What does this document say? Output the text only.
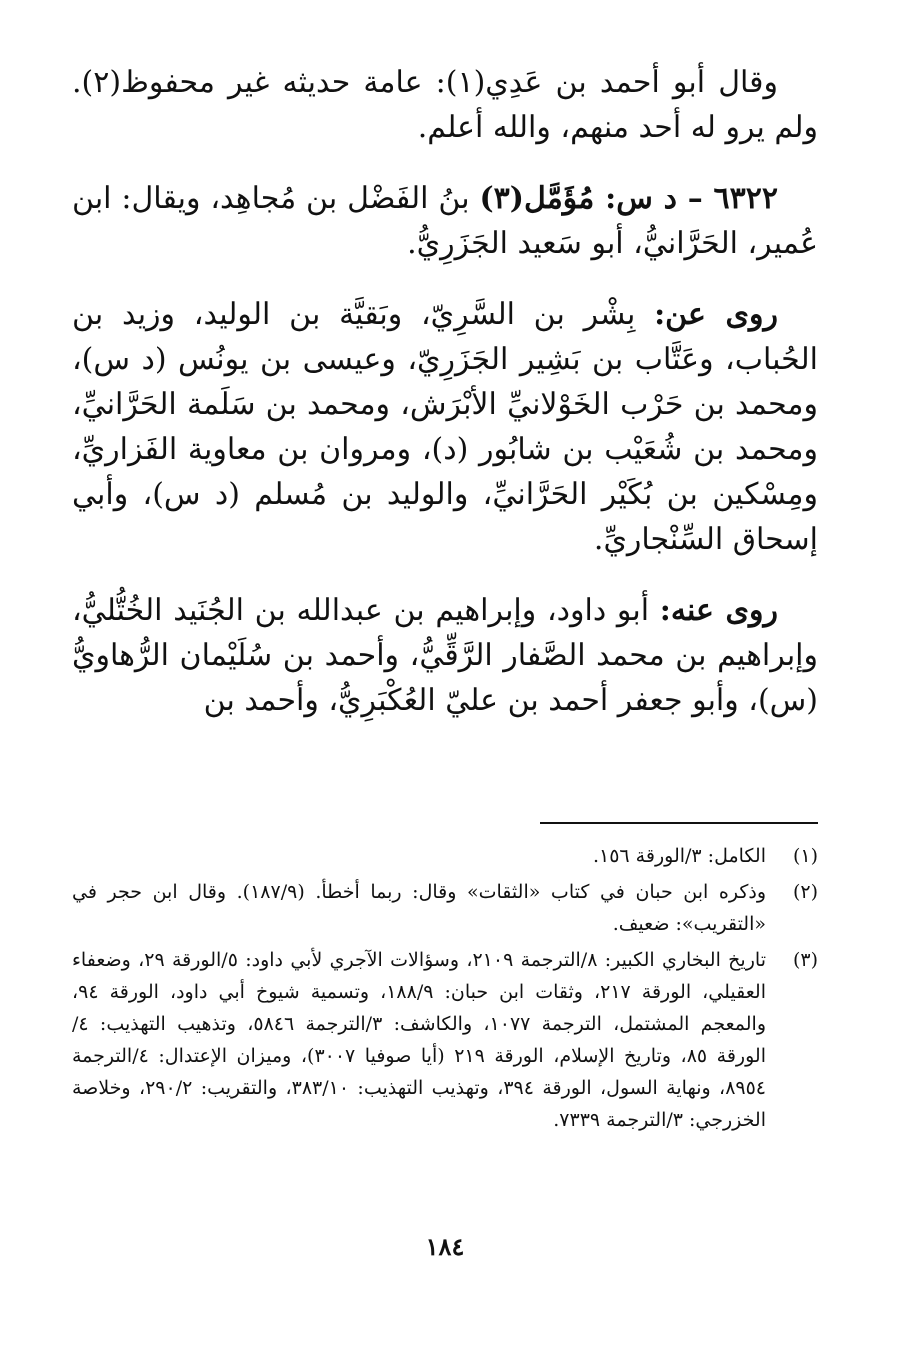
وقال أبو أحمد بن عَدِي(١): عامة حديثه غير محفوظ(٢). ولم يرو له أحد منهم، والله أعلم.

٦٣٢٢ – د س: مُؤَمَّل(٣) بنُ الفَضْل بن مُجاهِد، ويقال: ابن عُمير، الحَرَّانيُّ، أبو سَعيد الجَزَرِيُّ.

روى عن: بِشْر بن السَّرِيّ، وبَقيَّة بن الوليد، وزيد بن الحُباب، وعَتَّاب بن بَشِير الجَزَرِيّ، وعيسى بن يونُس (د س)، ومحمد بن حَرْب الخَوْلانيِّ الأبْرَش، ومحمد بن سَلَمة الحَرَّانيِّ، ومحمد بن شُعَيْب بن شابُور (د)، ومروان بن معاوية الفَزاريِّ، ومِسْكين بن بُكَيْر الحَرَّانيِّ، والوليد بن مُسلم (د س)، وأبي إسحاق السِّنْجاريِّ.

روى عنه: أبو داود، وإبراهيم بن عبدالله بن الجُنَيد الخُتُّليُّ، وإبراهيم بن محمد الصَّفار الرَّقِّيُّ، وأحمد بن سُلَيْمان الرُّهاويُّ (س)، وأبو جعفر أحمد بن عليّ العُكْبَرِيُّ، وأحمد بن

(١)
الكامل: ٣/الورقة ١٥٦.
(٢)
وذكره ابن حبان في كتاب «الثقات» وقال: ربما أخطأ. (١٨٧/٩). وقال ابن حجر في «التقريب»: ضعيف.
(٣)
تاريخ البخاري الكبير: ٨/الترجمة ٢١٠٩، وسؤالات الآجري لأبي داود: ٥/الورقة ٢٩، وضعفاء العقيلي، الورقة ٢١٧، وثقات ابن حبان: ١٨٨/٩، وتسمية شيوخ أبي داود، الورقة ٩٤، والمعجم المشتمل، الترجمة ١٠٧٧، والكاشف: ٣/الترجمة ٥٨٤٦، وتذهيب التهذيب: ٤/الورقة ٨٥، وتاريخ الإسلام، الورقة ٢١٩ (أيا صوفيا ٣٠٠٧)، وميزان الإعتدال: ٤/الترجمة ٨٩٥٤، ونهاية السول، الورقة ٣٩٤، وتهذيب التهذيب: ٣٨٣/١٠، والتقريب: ٢٩٠/٢، وخلاصة الخزرجي: ٣/الترجمة ٧٣٣٩.
١٨٤
